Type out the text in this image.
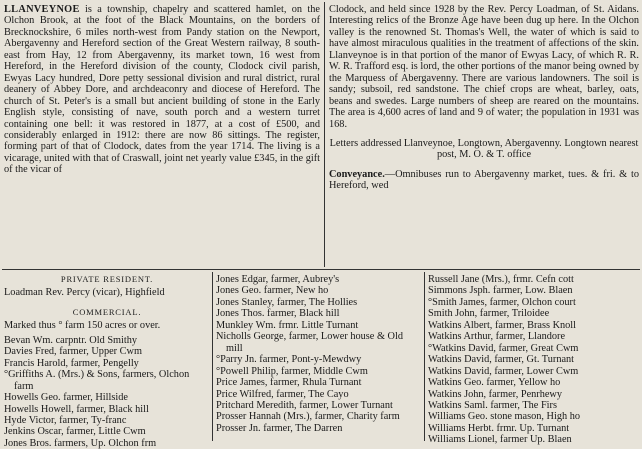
LLANVEYNOE is a township, chapelry and scattered hamlet, on the Olchon Brook, at the foot of the Black Mountains, on the borders of Brecknockshire, 6 miles north-west from Pandy station on the Newport, Abergavenny and Hereford section of the Great Western railway, 8 south-east from Hay, 12 from Abergavenny, its market town, 16 west from Hereford, in the Hereford division of the county, Clodock civil parish, Ewyas Lacy hundred, Dore petty sessional division and rural district, rural deanery of Abbey Dore, and archdeaconry and diocese of Hereford. The church of St. Peter's is a small but ancient building of stone in the Early English style, consisting of nave, south porch and a western turret containing one bell: it was restored in 1877, at a cost of £500, and considerably enlarged in 1912: there are now 86 sittings. The register, forming part of that of Clodock, dates from the year 1714. The living is a vicarage, united with that of Craswall, joint net yearly value £345, in the gift of the vicar of

Clodock, and held since 1928 by the Rev. Percy Loadman, of St. Aidans. Interesting relics of the Bronze Age have been dug up here. In the Olchon valley is the renowned St. Thomas's Well, the water of which is said to have almost miraculous qualities in the treatment of affections of the skin. Llanveynoe is in that portion of the manor of Ewyas Lacy, of which R. R. W. R. Trafford esq. is lord, the other portions of the manor being owned by the Marquess of Abergavenny. There are various landowners. The soil is sandy; subsoil, red sandstone. The chief crops are wheat, barley, oats, beans and swedes. Large numbers of sheep are reared on the mountains. The area is 4,600 acres of land and 9 of water; the population in 1931 was 168.

Letters addressed Llanveynoe, Longtown, Abergavenny. Longtown nearest post, M. O. & T. office

Conveyance.—Omnibuses run to Abergavenny market, tues. & fri. & to Hereford, wed

PRIVATE RESIDENT.

Loadman Rev. Percy (vicar), Highfield

COMMERCIAL.

Marked thus ° farm 150 acres or over.

Bevan Wm. carpntr. Old Smithy

Davies Fred, farmer, Upper Cwm

Francis Harold, farmer, Pengelly

°Griffiths A. (Mrs.) & Sons, farmers, Olchon farm

Howells Geo. farmer, Hillside

Howells Howell, farmer, Black hill

Hyde Victor, farmer, Ty-franc

Jenkins Oscar, farmer, Little Cwm

Jones Bros. farmers, Up. Olchon frm

Jones Edgar, farmer, Aubrey's

Jones Geo. farmer, New ho

Jones Stanley, farmer, The Hollies

Jones Thos. farmer, Black hill

Munkley Wm. frmr. Little Turnant

Nicholls George, farmer, Lower house & Old mill

°Parry Jn. farmer, Pont-y-Mewdwy

°Powell Philip, farmer, Middle Cwm

Price James, farmer, Rhula Turnant

Price Wilfred, farmer, The Cayo

Pritchard Meredith, farmer, Lower Turnant

Prosser Hannah (Mrs.), farmer, Charity farm

Prosser Jn. farmer, The Darren

Russell Jane (Mrs.), frmr. Cefn cott

Simmons Jsph. farmer, Low. Blaen

°Smith James, farmer, Olchon court

Smith John, farmer, Triloidee

Watkins Albert, farmer, Brass Knoll

Watkins Arthur, farmer, Llandore

°Watkins David, farmer, Great Cwm

Watkins David, farmer, Gt. Turnant

Watkins David, farmer, Lower Cwm

Watkins Geo. farmer, Yellow ho

Watkins John, farmer, Penrhewy

Watkins Saml. farmer, The Firs

Williams Geo. stone mason, High ho

Williams Herbt. frmr. Up. Turnant

Williams Lionel, farmer Up. Blaen
